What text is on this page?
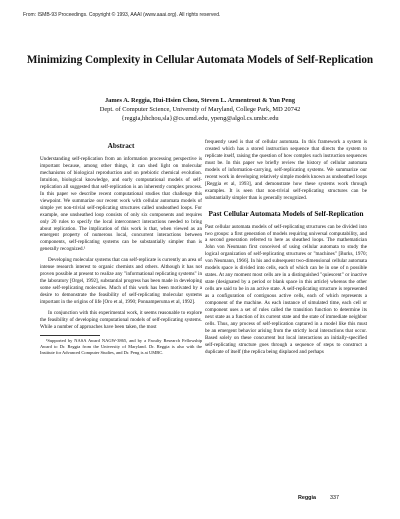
From: ISMB-93 Proceedings. Copyright © 1993, AAAI (www.aaai.org). All rights reserved.
Minimizing Complexity in Cellular Automata Models of Self-Replication
James A. Reggia, Hui-Hsien Chou, Steven L. Armentrout & Yun Peng
Dept. of Computer Science, University of Maryland, College Park, MD 20742
{reggia,hhchou,sla}@cs.umd.edu, ypeng@algol.cs.umbc.edu
Abstract

Understanding self-replication from an information processing perspective is important because, among other things, it can shed light on molecular mechanisms of biological reproduction and on prebiotic chemical evolution. Intuition, biological knowledge, and early computational models of self-replication all suggested that self-replication is an inherently complex process. In this paper we describe recent computational studies that challenge this viewpoint. We summarize our recent work with cellular automata models of simple yet non-trivial self-replicating structures called unsheathed loops. For example, one unsheathed loop consists of only six components and requires only 20 rules to specify the local interconnect interactions needed to bring about replication. The implication of this work is that, when viewed as an emergent property of numerous local, concurrent interactions between components, self-replicating systems can be substantially simpler than is generally recognized.¹

Developing molecular systems that can self-replicate is currently an area of intense research interest to organic chemists and others. Although it has not proven possible at present to realize any "informational replicating systems" in the laboratory [Orgel, 1992], substantial progress has been made in developing some self-replicating molecules. Much of this work has been motivated by a desire to demonstrate the feasibility of self-replicating molecular systems important in the origins of life [Oro et al, 1990; Ponnamperuma et al, 1992].

In conjunction with this experimental work, it seems reasonable to explore the feasibility of developing computational models of self-replicating systems. While a number of approaches have been taken, the most

¹Supported by NASA Award NAGW-3865, and by a Faculty Research Fellowship Award to Dr. Reggia from the University of Maryland. Dr. Reggia is also with the Institute for Advanced Computer Studies, and Dr. Peng is at UMBC.

frequently used is that of cellular automata. In this framework a system is created which has a stored instruction sequence that directs the system to replicate itself, raising the question of how complex such instruction sequences must be. In this paper we briefly review the history of cellular automata models of information-carrying, self-replicating systems. We summarize our recent work in developing relatively simple models known as unsheathed loops [Reggia et al, 1993], and demonstrate how these systems work through examples. It is seen that non-trivial self-replicating structures can be substantially simpler than is generally recognized.

Past Cellular Automata Models of Self-Replication

Past cellular automata models of self-replicating structures can be divided into two groups: a first generation of models requiring universal computability, and a second generation referred to here as sheathed loops. The mathematician John von Neumann first conceived of using cellular automata to study the logical organization of self-replicating structures or "machines" [Burks, 1970; von Neumann, 1966]. In his and subsequent two-dimensional cellular automata models space is divided into cells, each of which can be in one of n possible states. At any moment most cells are in a distinguished "quiescent" or inactive state (designated by a period or blank space in this article) whereas the other cells are said to be in an active state. A self-replicating structure is represented as a configuration of contiguous active cells, each of which represents a component of the machine. As each instance of simulated time, each cell or component uses a set of rules called the transition function to determine its next state as a function of its current state and the state of immediate neighbor cells. Thus, any process of self-replication captured in a model like this must be an emergent behavior arising from the strictly local interactions that occur. Based solely on these concurrent but local interactions an initially-specified self-replicating structure goes through a sequence of steps to construct a duplicate of itself (the replica being displaced and perhaps

Reggia	337
